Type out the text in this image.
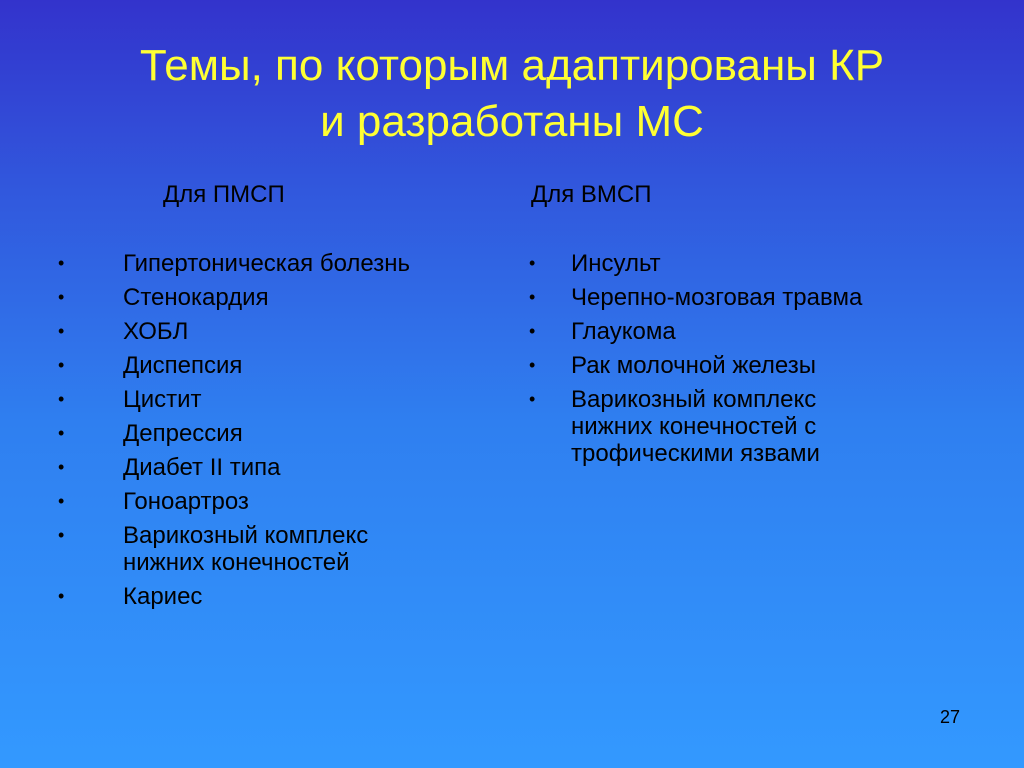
Темы, по которым адаптированы КР
и разработаны МС
Для ПМСП	Для ВМСП
• Гипертоническая болезнь
• Стенокардия
• ХОБЛ
• Диспепсия
• Цистит
• Депрессия
• Диабет II типа
• Гоноартроз
• Варикозный комплекс
нижних конечностей
• Кариес
• Инсульт
• Черепно-мозговая травма
• Глаукома
• Рак молочной железы
• Варикозный комплекс
нижних конечностей с
трофическими язвами
27
